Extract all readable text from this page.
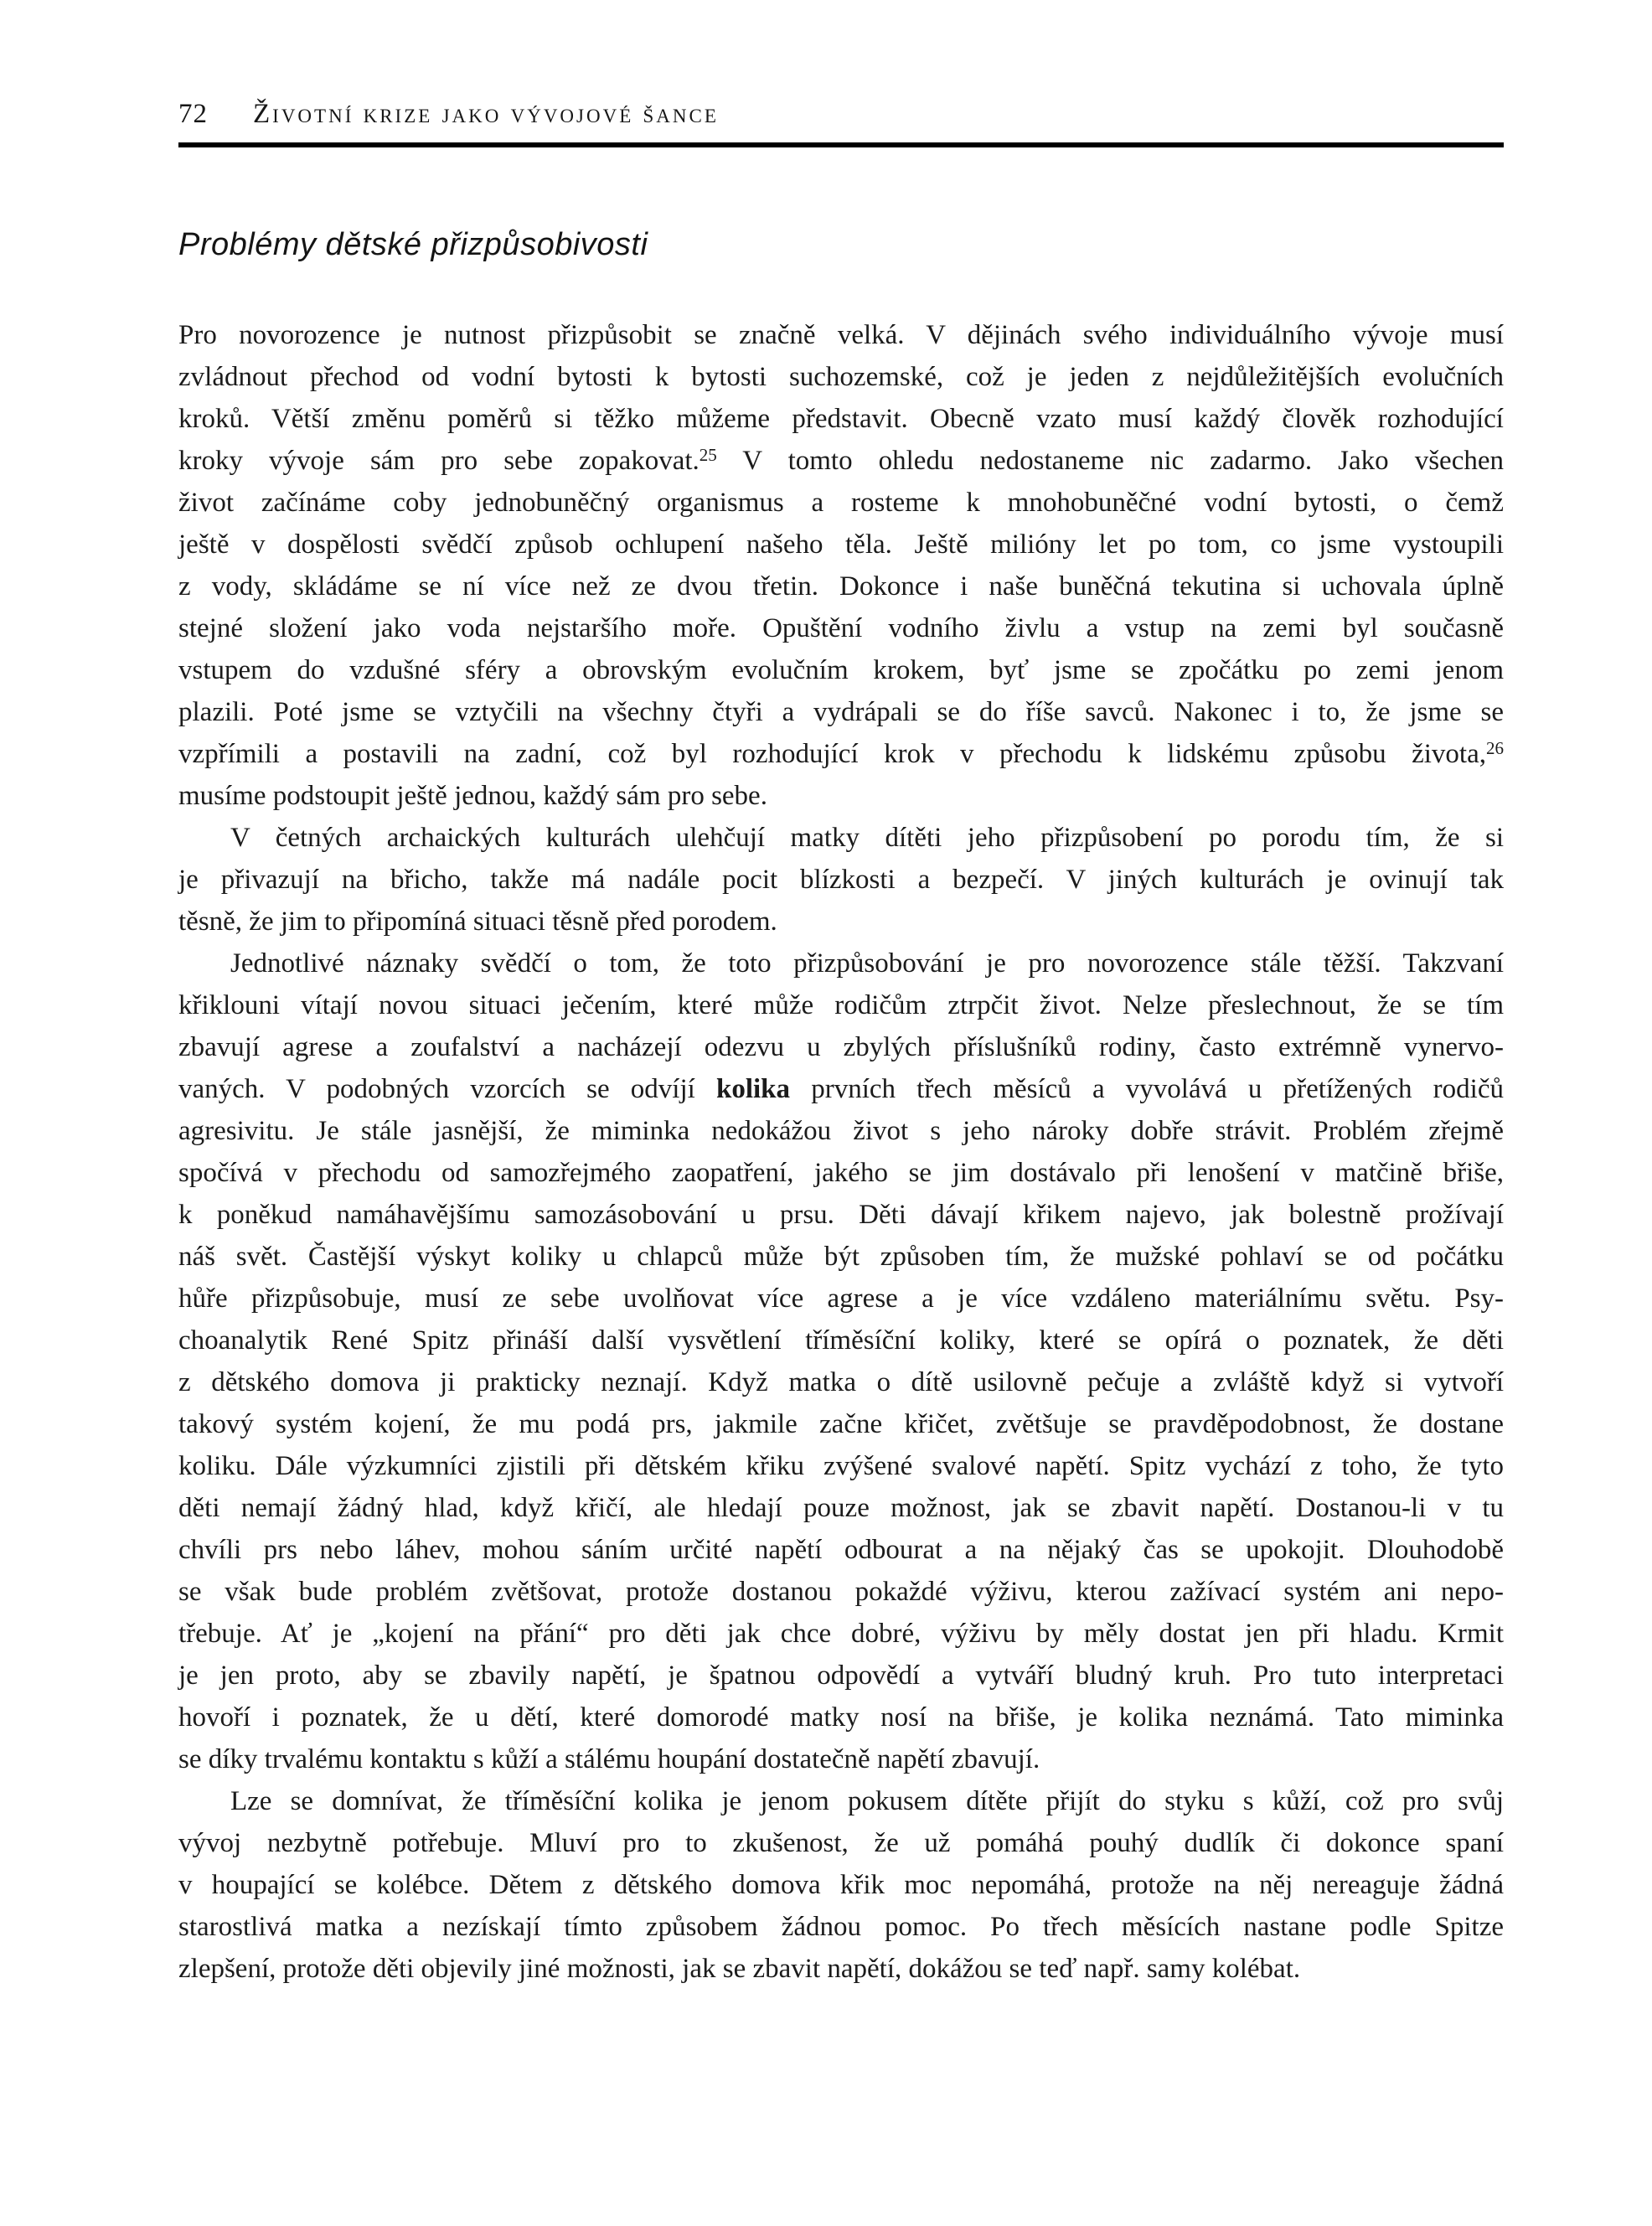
72 Životní krize jako vývojové šance
Problémy dětské přizpůsobivosti
Pro novorozence je nutnost přizpůsobit se značně velká. V dějinách svého individuálního vývoje musí
zvládnout přechod od vodní bytosti k bytosti suchozemské, což je jeden z nejdůležitějších evolučních
kroků. Větší změnu poměrů si těžko můžeme představit. Obecně vzato musí každý člověk rozhodující
kroky vývoje sám pro sebe zopakovat.$^{25}$ V tomto ohledu nedostaneme nic zadarmo. Jako všechen
život začínáme coby jednobuněčný organismus a rosteme k mnohobuněčné vodní bytosti, o čemž
ještě v dospělosti svědčí způsob ochlupení našeho těla. Ještě milióny let po tom, co jsme vystoupili
z vody, skládáme se ní více než ze dvou třetin. Dokonce i naše buněčná tekutina si uchovala úplně
stejné složení jako voda nejstaršího moře. Opuštění vodního živlu a vstup na zemi byl současně
vstupem do vzdušné sféry a obrovským evolučním krokem, byť jsme se zpočátku po zemi jenom
plazili. Poté jsme se vztyčili na všechny čtyři a vydrápali se do říše savců. Nakonec i to, že jsme se
vzpřímili a postavili na zadní, což byl rozhodující krok v přechodu k lidskému způsobu života,$^{26}$
musíme podstoupit ještě jednou, každý sám pro sebe.
V četných archaických kulturách ulehčují matky dítěti jeho přizpůsobení po porodu tím, že si
je přivazují na břicho, takže má nadále pocit blízkosti a bezpečí. V jiných kulturách je ovinují tak
těsně, že jim to připomíná situaci těsně před porodem.
Jednotlivé náznaky svědčí o tom, že toto přizpůsobování je pro novorozence stále těžší. Takzvaní
křiklouni vítají novou situaci ječením, které může rodičům ztrpčit život. Nelze přeslechnout, že se tím
zbavují agrese a zoufalství a nacházejí odezvu u zbylých příslušníků rodiny, často extrémně vynervo-
vaných. V podobných vzorcích se odvíjí kolika prvních třech měsíců a vyvolává u přetížených rodičů
agresivitu. Je stále jasnější, že miminka nedokážou život s jeho nároky dobře strávit. Problém zřejmě
spočívá v přechodu od samozřejmého zaopatření, jakého se jim dostávalo při lenošení v matčině břiše,
k poněkud namáhavějšímu samozásobování u prsu. Děti dávají křikem najevo, jak bolestně prožívají
náš svět. Častější výskyt koliky u chlapců může být způsoben tím, že mužské pohlaví se od počátku
hůře přizpůsobuje, musí ze sebe uvolňovat více agrese a je více vzdáleno materiálnímu světu. Psy-
choanalytik René Spitz přináší další vysvětlení tříměsíční koliky, které se opírá o poznatek, že děti
z dětského domova ji prakticky neznají. Když matka o dítě usilovně pečuje a zvláště když si vytvoří
takový systém kojení, že mu podá prs, jakmile začne křičet, zvětšuje se pravděpodobnost, že dostane
koliku. Dále výzkumníci zjistili při dětském křiku zvýšené svalové napětí. Spitz vychází z toho, že tyto
děti nemají žádný hlad, když křičí, ale hledají pouze možnost, jak se zbavit napětí. Dostanou-li v tu
chvíli prs nebo láhev, mohou sáním určité napětí odbourat a na nějaký čas se upokojit. Dlouhodobě
se však bude problém zvětšovat, protože dostanou pokaždé výživu, kterou zažívací systém ani nepo-
třebuje. Ať je „kojení na přání“ pro děti jak chce dobré, výživu by měly dostat jen při hladu. Krmit
je jen proto, aby se zbavily napětí, je špatnou odpovědí a vytváří bludný kruh. Pro tuto interpretaci
hovoří i poznatek, že u dětí, které domorodé matky nosí na břiše, je kolika neznámá. Tato miminka
se díky trvalému kontaktu s kůží a stálému houpání dostatečně napětí zbavují.
Lze se domnívat, že tříměsíční kolika je jenom pokusem dítěte přijít do styku s kůží, což pro svůj
vývoj nezbytně potřebuje. Mluví pro to zkušenost, že už pomáhá pouhý dudlík či dokonce spaní
v houpající se kolébce. Dětem z dětského domova křik moc nepomáhá, protože na něj nereaguje žádná
starostlivá matka a nezískají tímto způsobem žádnou pomoc. Po třech měsících nastane podle Spitze
zlepšení, protože děti objevily jiné možnosti, jak se zbavit napětí, dokážou se teď např. samy kolébat.
